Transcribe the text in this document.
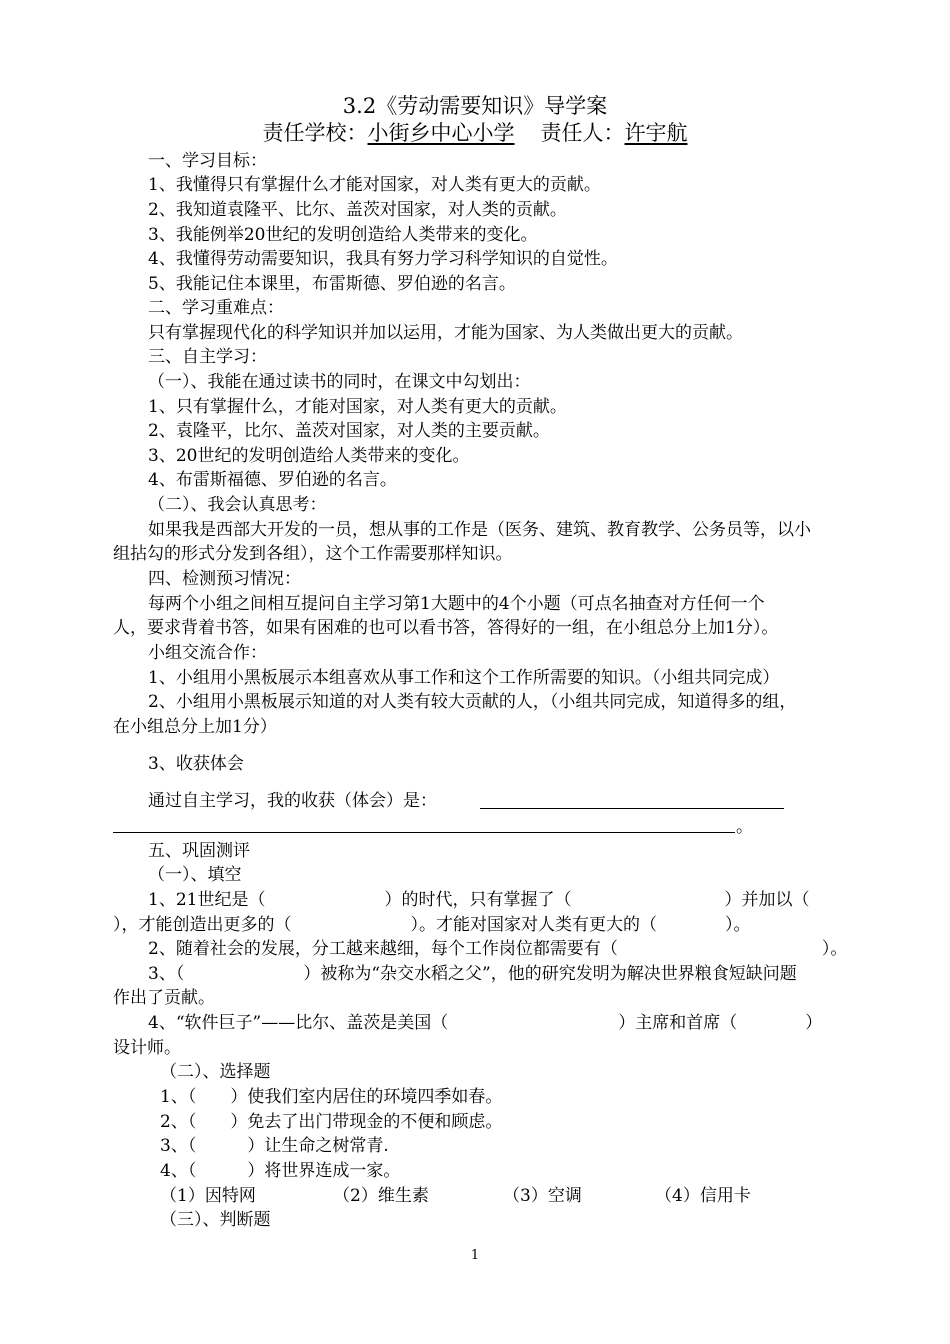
3.2《劳动需要知识》导学案
责任学校：小街乡中心小学 责任人：许宇航
一、学习目标：
1、我懂得只有掌握什么才能对国家，对人类有更大的贡献。
2、我知道袁隆平、比尔、盖茨对国家，对人类的贡献。
3、我能例举20世纪的发明创造给人类带来的变化。
4、我懂得劳动需要知识，我具有努力学习科学知识的自觉性。
5、我能记住本课里，布雷斯德、罗伯逊的名言。
二、学习重难点：
只有掌握现代化的科学知识并加以运用，才能为国家、为人类做出更大的贡献。
三、自主学习：
（一）、我能在通过读书的同时，在课文中勾划出：
1、只有掌握什么，才能对国家，对人类有更大的贡献。
2、袁隆平，比尔、盖茨对国家，对人类的主要贡献。
3、20世纪的发明创造给人类带来的变化。
4、布雷斯福德、罗伯逊的名言。
（二）、我会认真思考：
如果我是西部大开发的一员，想从事的工作是（医务、建筑、教育教学、公务员等，以小
组拈勾的形式分发到各组），这个工作需要那样知识。
四、检测预习情况：
每两个小组之间相互提问自主学习第1大题中的4个小题（可点名抽查对方任何一个
人，要求背着书答，如果有困难的也可以看书答，答得好的一组，在小组总分上加1分）。
小组交流合作：
1、小组用小黑板展示本组喜欢从事工作和这个工作所需要的知识。（小组共同完成）
2、小组用小黑板展示知道的对人类有较大贡献的人，（小组共同完成，知道得多的组，
在小组总分上加1分）
3、收获体会
通过自主学习，我的收获（体会）是：
。
五、巩固测评
（一）、填空
1、21世纪是（　　　　　　　）的时代，只有掌握了（　　　　　　　　　）并加以（
），才能创造出更多的（　　　　　　　）。才能对国家对人类有更大的（　　　　）。
2、随着社会的发展，分工越来越细，每个工作岗位都需要有（　　　　　　　　　　　　）。
3、（　　　　　　　）被称为“杂交水稻之父”，他的研究发明为解决世界粮食短缺问题
作出了贡献。
4、“软件巨子”——比尔、盖茨是美国（　　　　　　　　　　）主席和首席（　　　　）
设计师。
（二）、选择题
1、（　　）使我们室内居住的环境四季如春。
2、（　　）免去了出门带现金的不便和顾虑。
3、（　　　）让生命之树常青.
4、（　　　）将世界连成一家。
（1）因特网	（2）维生素	（3）空调	（4）信用卡
（三）、判断题
1
